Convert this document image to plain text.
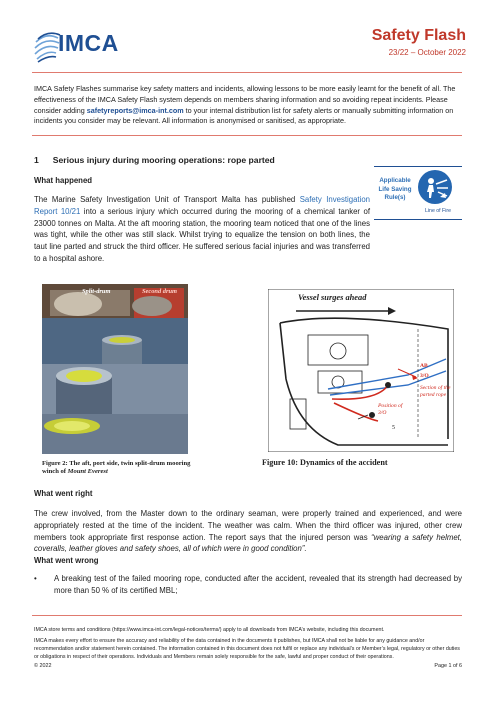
IMCA	Safety Flash
23/22 – October 2022
IMCA Safety Flashes summarise key safety matters and incidents, allowing lessons to be more easily learnt for the benefit of all. The effectiveness of the IMCA Safety Flash system depends on members sharing information and so avoiding repeat incidents. Please consider adding safetyreports@imca-int.com to your internal distribution list for safety alerts or manually submitting information on incidents you consider may be relevant. All information is anonymised or sanitised, as appropriate.
1 Serious injury during mooring operations: rope parted
Applicable Life Saving Rule(s)
Line of Fire
What happened
The Marine Safety Investigation Unit of Transport Malta has published Safety Investigation Report 10/21 into a serious injury which occurred during the mooring of a chemical tanker of 23000 tonnes on Malta. At the aft mooring station, the mooring team noticed that one of the lines was tight, while the other was still slack. Whilst trying to equalize the tension on both lines, the taut line parted and struck the third officer. He suffered serious facial injuries and was transferred to a hospital ashore.
Split-drum	Second drum
Figure 2: The aft, port side, twin split-drum mooring winch of Mount Everest
Vessel surges ahead
AB
3/O
Section of the parted rope
Position of 3/O
5
Figure 10: Dynamics of the accident
What went right
The crew involved, from the Master down to the ordinary seaman, were properly trained and experienced, and were appropriately rested at the time of the incident. The weather was calm. When the third officer was injured, other crew members took appropriate first response action. The report says that the injured person was “wearing a safety helmet, coveralls, leather gloves and safety shoes, all of which were in good condition”.
What went wrong
•	A breaking test of the failed mooring rope, conducted after the accident, revealed that its strength had decreased by more than 50 % of its certified MBL;
IMCA store terms and conditions (https://www.imca-int.com/legal-notices/terms/) apply to all downloads from IMCA’s website, including this document.
IMCA makes every effort to ensure the accuracy and reliability of the data contained in the documents it publishes, but IMCA shall not be liable for any guidance and/or recommendation and/or statement herein contained. The information contained in this document does not fulfil or replace any individual’s or Member’s legal, regulatory or other duties or obligations in respect of their operations. Individuals and Members remain solely responsible for the safe, lawful and proper conduct of their operations.
© 2022	Page 1 of 6
